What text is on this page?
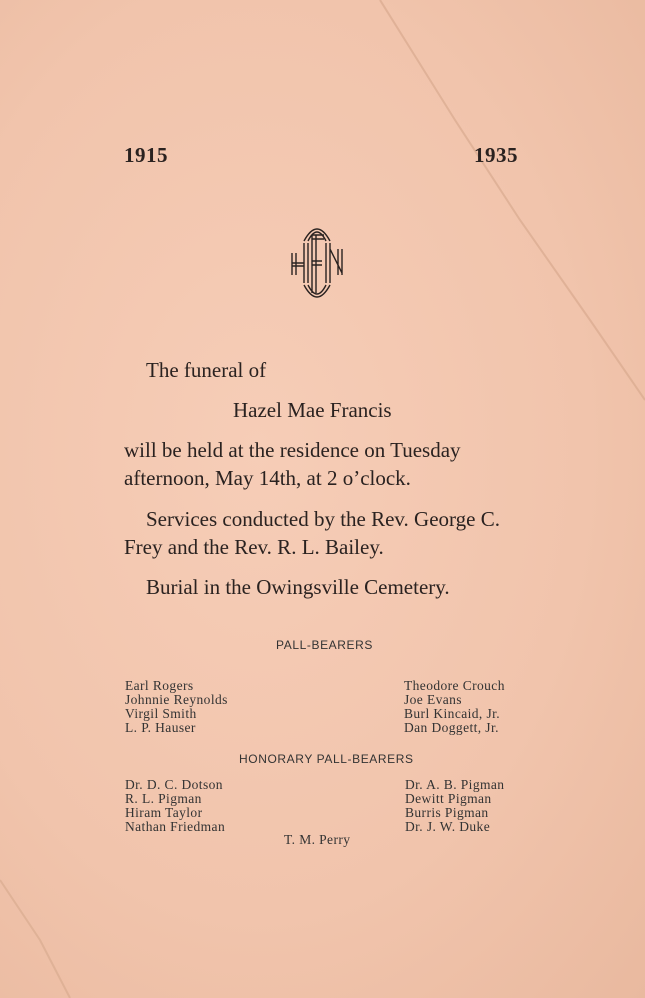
1915	1935
The funeral of
Hazel Mae Francis
will be held at the residence on Tuesday
afternoon, May 14th, at 2 o’clock.
Services conducted by the Rev. George C.
Frey and the Rev. R. L. Bailey.
Burial in the Owingsville Cemetery.
PALL-BEARERS
Earl Rogers
Johnnie Reynolds
Virgil Smith
L. P. Hauser
Theodore Crouch
Joe Evans
Burl Kincaid, Jr.
Dan Doggett, Jr.
HONORARY PALL-BEARERS
Dr. D. C. Dotson
R. L. Pigman
Hiram Taylor
Nathan Friedman
Dr. A. B. Pigman
Dewitt Pigman
Burris Pigman
Dr. J. W. Duke
T. M. Perry
